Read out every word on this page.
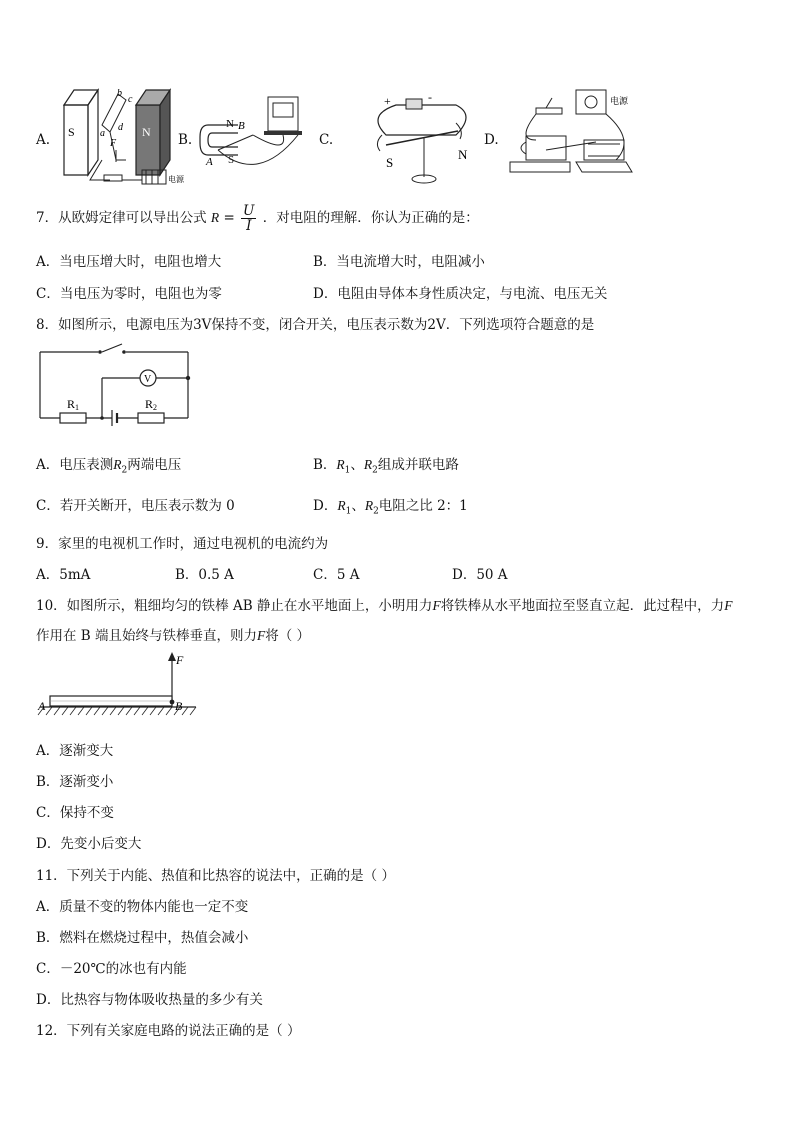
A. S	N
b
c
a
d
F
电源
B.
N
S
B
A
C.
+	-
S
N
D.
电源
7．从欧姆定律可以导出公式 $R = \frac{U}{I}$ ．对电阻的理解．你认为正确的是：
A．当电压增大时，电阻也增大	B．当电流增大时，电阻减小
C．当电压为零时，电阻也为零	D．电阻由导体本身性质决定，与电流、电压无关
8．如图所示，电源电压为3V保持不变，闭合开关，电压表示数为2V．下列选项符合题意的是
R 1	R 2
V
A．电压表测$R_2$两端电压	B．$R_1$、$R_2$组成并联电路
C．若开关断开，电压表示数为 0	D．$R_1$、$R_2$电阻之比 2：1
9．家里的电视机工作时，通过电视机的电流约为
A．5mA	B．0.5 A	C．5 A	D．50 A
10．如图所示，粗细均匀的铁棒 AB 静止在水平地面上，小明用力F将铁棒从水平地面拉至竖直立起．此过程中，力F
作用在 B 端且始终与铁棒垂直，则力F将（ ）
F
A	B
A．逐渐变大
B．逐渐变小
C．保持不变
D．先变小后变大
11．下列关于内能、热值和比热容的说法中，正确的是（ ）
A．质量不变的物体内能也一定不变
B．燃料在燃烧过程中，热值会减小
C．－20℃的冰也有内能
D．比热容与物体吸收热量的多少有关
12．下列有关家庭电路的说法正确的是（ ）
